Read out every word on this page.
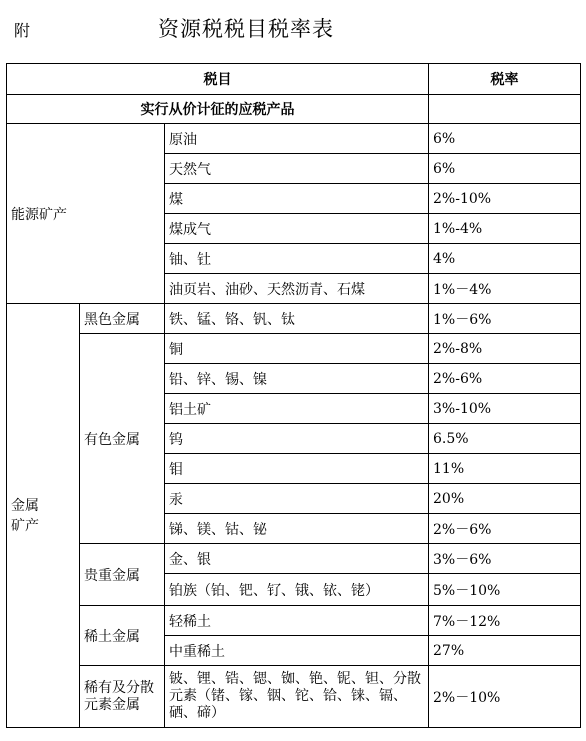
附	资源税税目税率表
税目			税率
实行从价计征的应税产品			
能源矿产		原油	6%
		天然气	6%
		煤	2%-10%
		煤成气	1%-4%
		铀、钍	4%
		油页岩、油砂、天然沥青、石煤	1%－4%
金属矿产	黑色金属	铁、锰、铬、钒、钛	1%－6%
	有色金属	铜	2%-8%
		铅、锌、锡、镍	2%-6%
		铝土矿	3%-10%
		钨	6.5%
		钼	11%
		汞	20%
		锑、镁、钴、铋	2%－6%
	贵重金属	金、银	3%－6%
		铂族（铂、钯、钌、锇、铱、铑）	5%－10%
	稀土金属	轻稀土	7%－12%
		中重稀土	27%
	稀有及分散元素金属	铍、锂、锆、锶、铷、铯、铌、钽、分散元素（锗、镓、铟、铊、铪、铼、镉、硒、碲）	2%－10%
